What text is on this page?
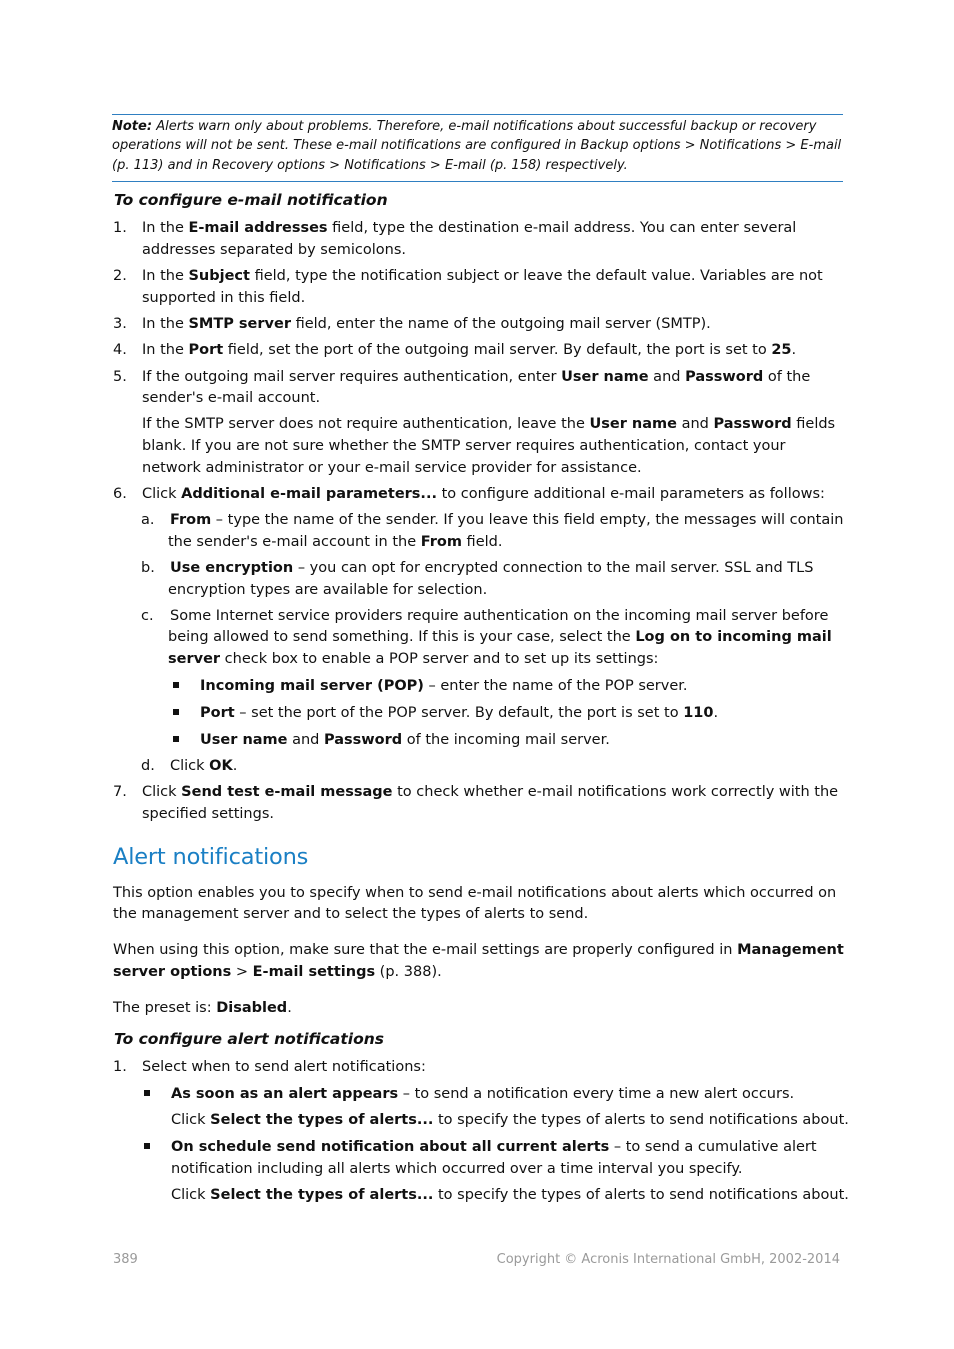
Note: Alerts warn only about problems. Therefore, e-mail notifications about successful backup or recovery

operations will not be sent. These e-mail notifications are configured in Backup options > Notifications > E-mail

(p. 113) and in Recovery options > Notifications > E-mail (p. 158) respectively.

To configure e-mail notification

1. In the E-mail addresses field, type the destination e-mail address. You can enter several

addresses separated by semicolons.

2. In the Subject field, type the notification subject or leave the default value. Variables are not

supported in this field.

3. In the SMTP server field, enter the name of the outgoing mail server (SMTP).

4. In the Port field, set the port of the outgoing mail server. By default, the port is set to 25.

5. If the outgoing mail server requires authentication, enter User name and Password of the

sender's e-mail account.

If the SMTP server does not require authentication, leave the User name and Password fields

blank. If you are not sure whether the SMTP server requires authentication, contact your

network administrator or your e-mail service provider for assistance.

6. Click Additional e-mail parameters... to configure additional e-mail parameters as follows:

a. From – type the name of the sender. If you leave this field empty, the messages will contain

the sender's e-mail account in the From field.

b. Use encryption – you can opt for encrypted connection to the mail server. SSL and TLS

encryption types are available for selection.

c. Some Internet service providers require authentication on the incoming mail server before

being allowed to send something. If this is your case, select the Log on to incoming mail

server check box to enable a POP server and to set up its settings:

Incoming mail server (POP) – enter the name of the POP server.

Port – set the port of the POP server. By default, the port is set to 110.

User name and Password of the incoming mail server.

d. Click OK.

7. Click Send test e-mail message to check whether e-mail notifications work correctly with the

specified settings.

Alert notifications

This option enables you to specify when to send e-mail notifications about alerts which occurred on

the management server and to select the types of alerts to send.

When using this option, make sure that the e-mail settings are properly configured in Management

server options > E-mail settings (p. 388).

The preset is: Disabled.

To configure alert notifications

1. Select when to send alert notifications:

As soon as an alert appears – to send a notification every time a new alert occurs.

Click Select the types of alerts... to specify the types of alerts to send notifications about.

On schedule send notification about all current alerts – to send a cumulative alert

notification including all alerts which occurred over a time interval you specify.

Click Select the types of alerts... to specify the types of alerts to send notifications about.

389	Copyright © Acronis International GmbH, 2002-2014
